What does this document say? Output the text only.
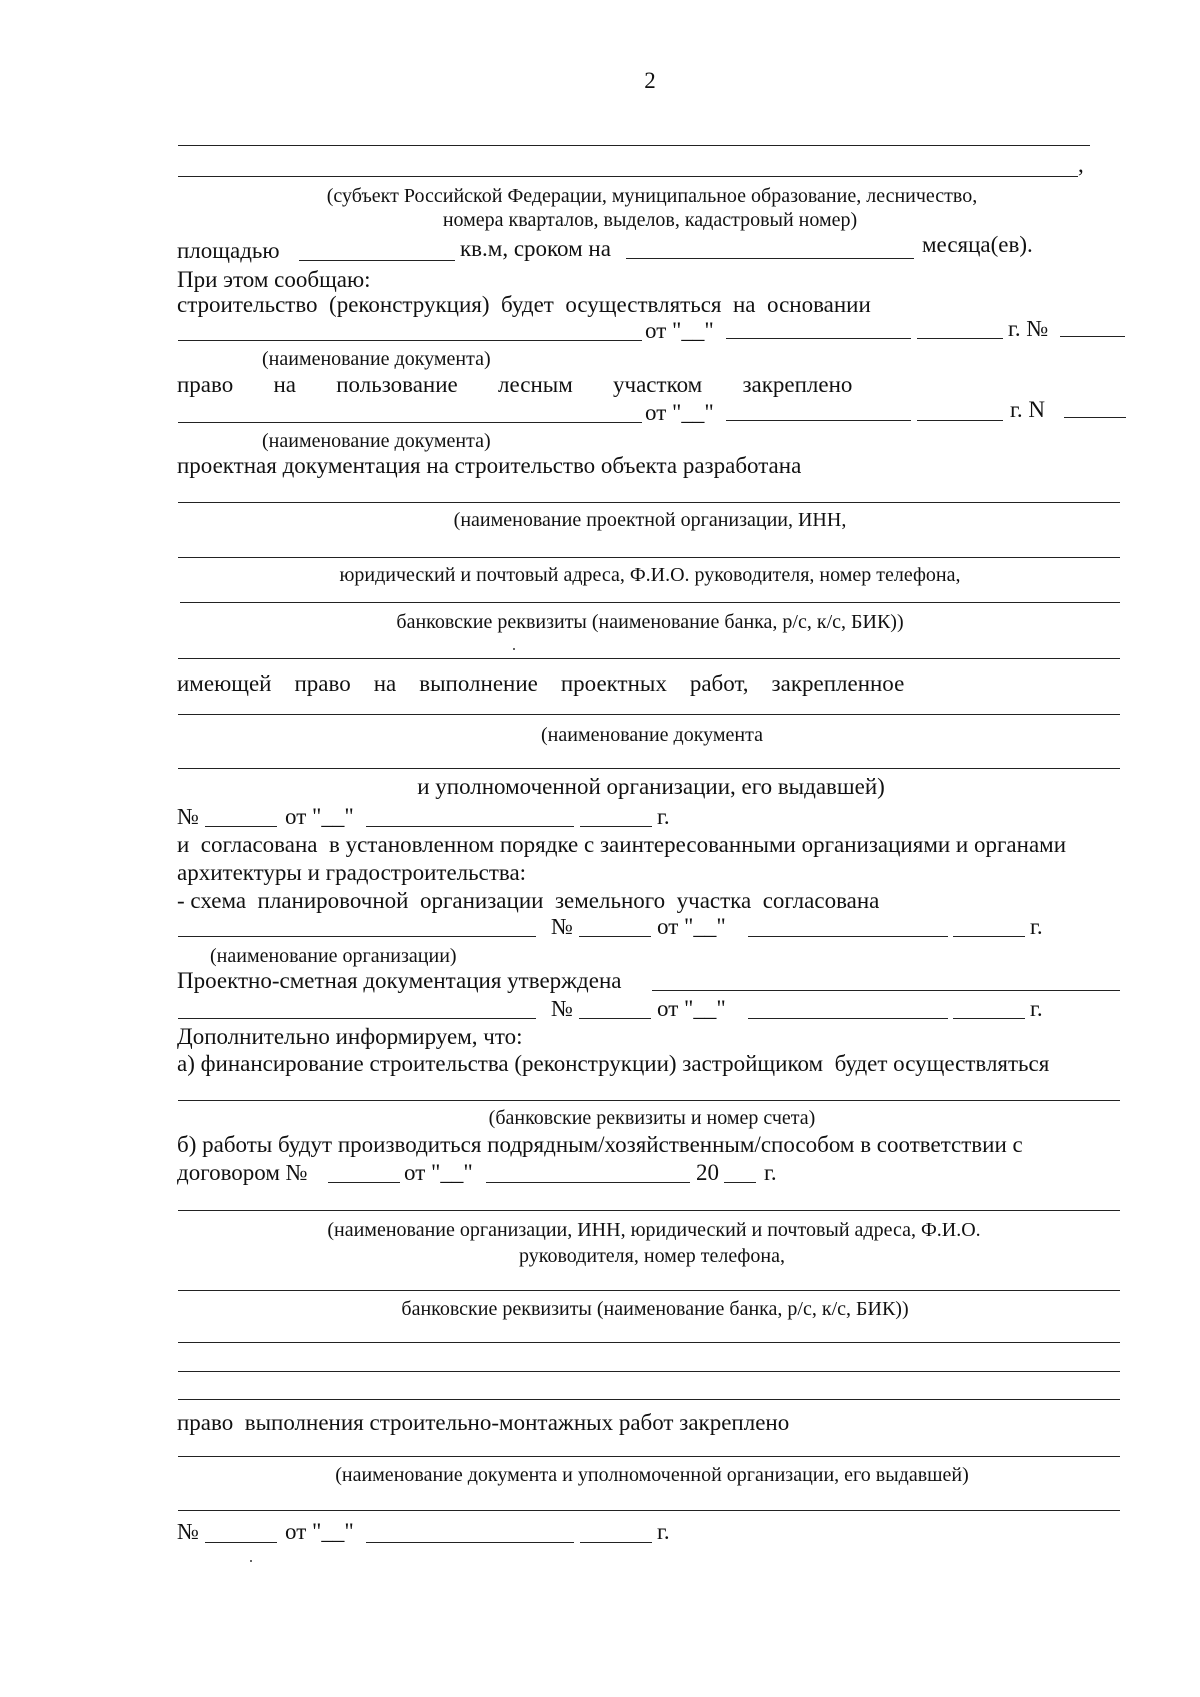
2
,
(субъект Российской Федерации, муниципальное образование, лесничество,
номера кварталов, выделов, кадастровый номер)
площадью	кв.м, сроком на	месяца(ев).
При этом сообщаю:
строительство  (реконструкция)  будет  осуществляться  на  основании
от "__"	г. №
(наименование документа)
право       на       пользование       лесным       участком       закреплено
от "__"	г. N
(наименование документа)
проектная документация на строительство объекта разработана
(наименование проектной организации, ИНН,
юридический и почтовый адреса, Ф.И.О. руководителя, номер телефона,
банковские реквизиты (наименование банка, р/с, к/с, БИК))
имеющей    право    на    выполнение    проектных    работ,    закрепленное
(наименование документа
и уполномоченной организации, его выдавшей)
№	от "__"	г.
и  согласована  в установленном порядке с заинтересованными организациями и органами
архитектуры и градостроительства:
- схема  планировочной  организации  земельного  участка  согласована
№	от "__"	г.
(наименование организации)
Проектно-сметная документация утверждена
№	от "__"	г.
Дополнительно информируем, что:
а) финансирование строительства (реконструкции) застройщиком  будет осуществляться
(банковские реквизиты и номер счета)
б) работы будут производиться подрядным/хозяйственным/способом в соответствии с
договором №	от "__"	20 г.
(наименование организации, ИНН, юридический и почтовый адреса, Ф.И.О.
руководителя, номер телефона,
банковские реквизиты (наименование банка, р/с, к/с, БИК))
право  выполнения строительно-монтажных работ закреплено
(наименование документа и уполномоченной организации, его выдавшей)
№	от "__"	г.
